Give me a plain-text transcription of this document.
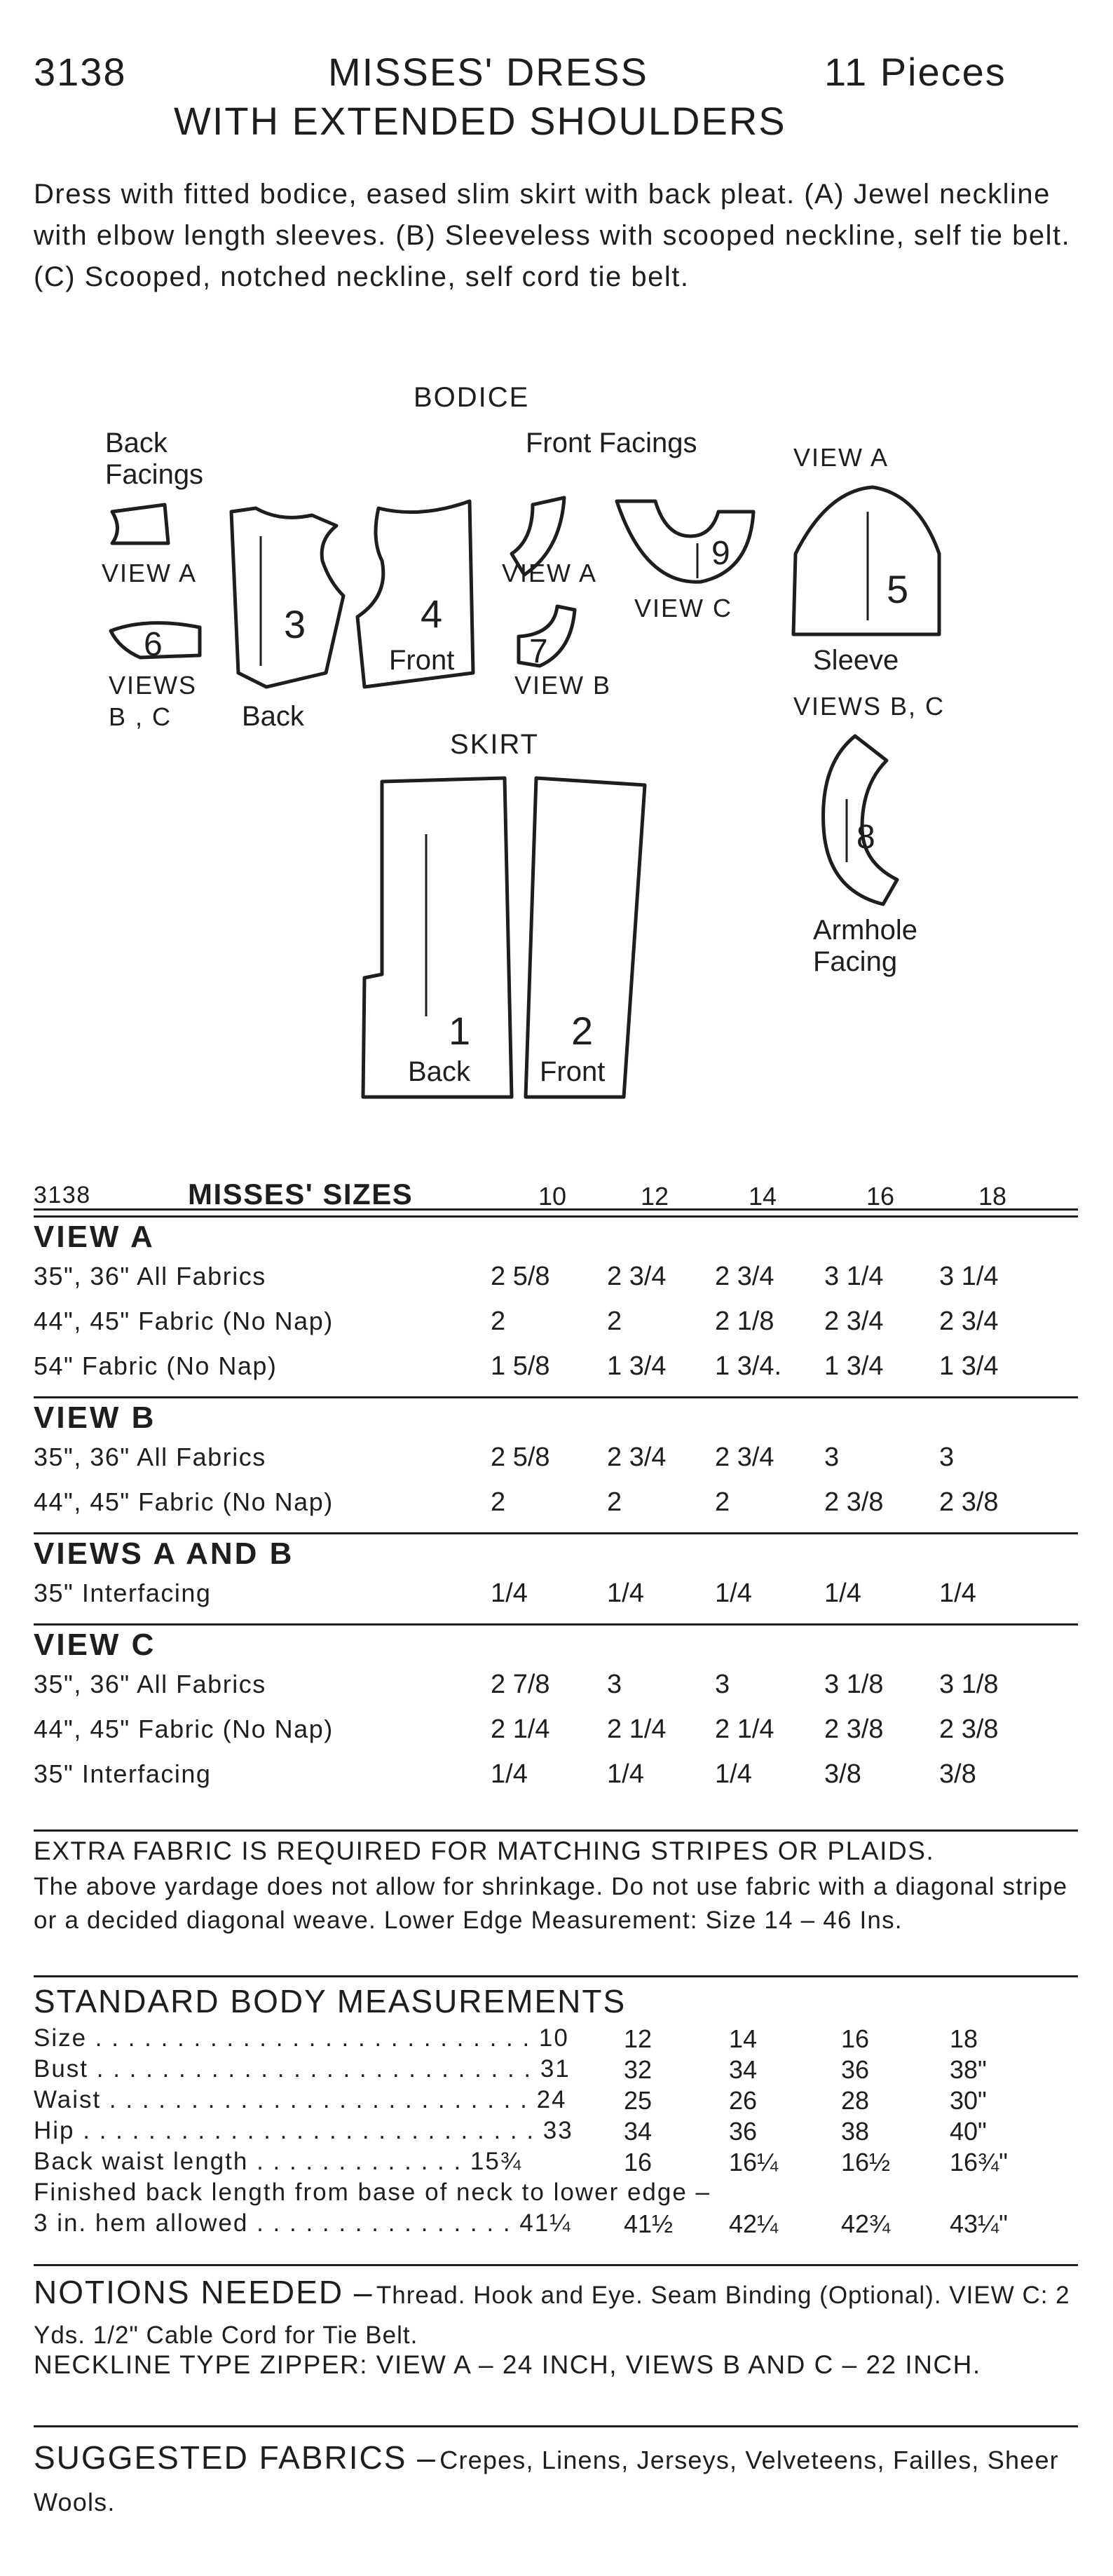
3138	MISSES' DRESS	11 Pieces
WITH EXTENDED SHOULDERS
Dress with fitted bodice, eased slim skirt with back pleat. (A) Jewel neckline with elbow length sleeves. (B) Sleeveless with scooped neckline, self tie belt. (C) Scooped, notched neckline, self cord tie belt.
BODICE
Back	Front Facings	VIEW A
SKIRT
Facings
VIEW A
VIEWS
B , C
VIEW A
VIEW B
VIEW C
VIEWS B, C
6	3
Back
4
Front 7
9
5
Sleeve
8
Armhole
Facing
1
Back
2
Front
3138	MISSES' SIZES	10	12	14	16	18
VIEW A
35", 36" All Fabrics	2 5/8	2 3/4	2 3/4	3 1/4	3 1/4
44", 45" Fabric (No Nap)	2	2	2 1/8	2 3/4	2 3/4
54" Fabric (No Nap)	1 5/8	1 3/4	1 3/4.	1 3/4	1 3/4
VIEW B
35", 36" All Fabrics	2 5/8	2 3/4	2 3/4	3	3
44", 45" Fabric (No Nap)	2	2	2	2 3/8	2 3/8
VIEWS A AND B
35" Interfacing	1/4	1/4	1/4	1/4	1/4
VIEW C
35", 36" All Fabrics	2 7/8	3	3	3 1/8	3 1/8
44", 45" Fabric (No Nap)	2 1/4	2 1/4	2 1/4	2 3/8	2 3/8
35" Interfacing	1/4	1/4	1/4	3/8	3/8
EXTRA FABRIC IS REQUIRED FOR MATCHING STRIPES OR PLAIDS.
The above yardage does not allow for shrinkage. Do not use fabric with a diagonal stripe or a decided diagonal weave. Lower Edge Measurement: Size 14 – 46 Ins.
STANDARD BODY MEASUREMENTS
Size . . . . . . . . . . . . . . . . . . . . . . . . . . . 10 12	14	16	18
Bust . . . . . . . . . . . . . . . . . . . . . . . . . . . 31 32	34	36	38"
Waist . . . . . . . . . . . . . . . . . . . . . . . . . . 24 25	26	28	30"
Hip . . . . . . . . . . . . . . . . . . . . . . . . . . . . 33 34	36	38	40"
Back waist length . . . . . . . . . . . . . 15¾	16	16¼ 16½ 16¾"
Finished back length from base of neck to lower edge –
3 in. hem allowed . . . . . . . . . . . . . . . . 41¼ 41½ 42¼ 42¾ 43¼"
NOTIONS NEEDED – Thread. Hook and Eye. Seam Binding (Optional). VIEW C: 2 Yds. 1/2" Cable Cord for Tie Belt.
NECKLINE TYPE ZIPPER: VIEW A – 24 INCH, VIEWS B AND C – 22 INCH.
SUGGESTED FABRICS – Crepes, Linens, Jerseys, Velveteens, Failles, Sheer Wools.
